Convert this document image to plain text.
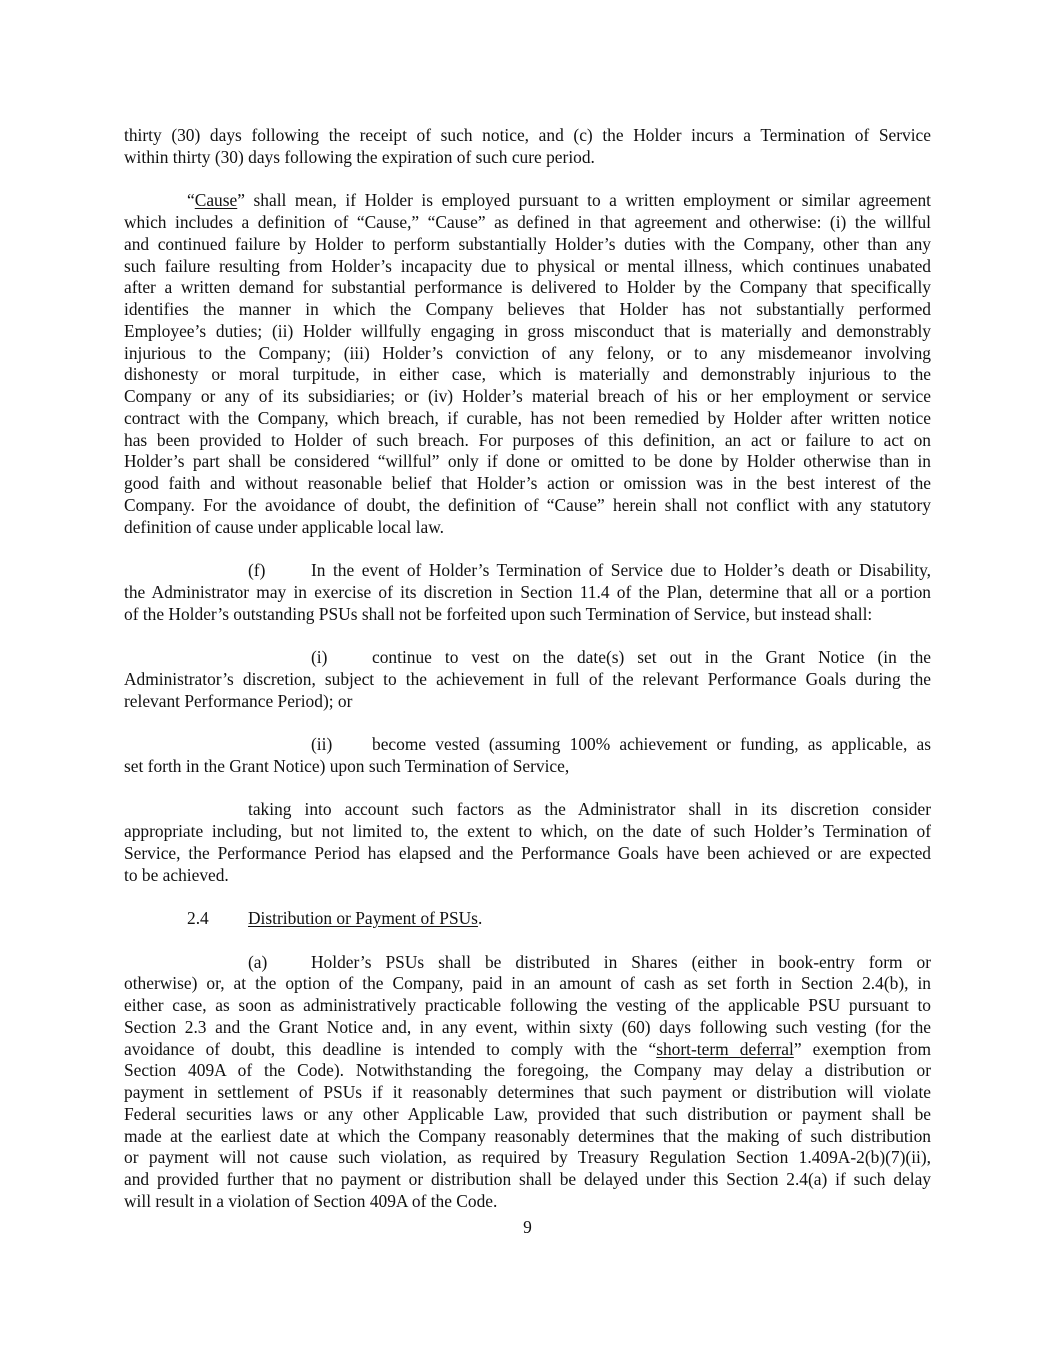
thirty (30) days following the receipt of such notice, and (c) the Holder incurs a Termination of Service
within thirty (30) days following the expiration of such cure period.
“Cause” shall mean, if Holder is employed pursuant to a written employment or similar agreement
which includes a definition of “Cause,” “Cause” as defined in that agreement and otherwise: (i) the willful
and continued failure by Holder to perform substantially Holder’s duties with the Company, other than any
such failure resulting from Holder’s incapacity due to physical or mental illness, which continues unabated
after a written demand for substantial performance is delivered to Holder by the Company that specifically
identifies the manner in which the Company believes that Holder has not substantially performed
Employee’s duties; (ii) Holder willfully engaging in gross misconduct that is materially and demonstrably
injurious to the Company; (iii) Holder’s conviction of any felony, or to any misdemeanor involving
dishonesty or moral turpitude, in either case, which is materially and demonstrably injurious to the
Company or any of its subsidiaries; or (iv) Holder’s material breach of his or her employment or service
contract with the Company, which breach, if curable, has not been remedied by Holder after written notice
has been provided to Holder of such breach. For purposes of this definition, an act or failure to act on
Holder’s part shall be considered “willful” only if done or omitted to be done by Holder otherwise than in
good faith and without reasonable belief that Holder’s action or omission was in the best interest of the
Company. For the avoidance of doubt, the definition of “Cause” herein shall not conflict with any statutory
definition of cause under applicable local law.
(f)	In the event of Holder’s Termination of Service due to Holder’s death or Disability,
the Administrator may in exercise of its discretion in Section 11.4 of the Plan, determine that all or a portion
of the Holder’s outstanding PSUs shall not be forfeited upon such Termination of Service, but instead shall:
(i)	continue to vest on the date(s) set out in the Grant Notice (in the
Administrator’s discretion, subject to the achievement in full of the relevant Performance Goals during the
relevant Performance Period); or
(ii)	become vested (assuming 100% achievement or funding, as applicable, as
set forth in the Grant Notice) upon such Termination of Service,
taking into account such factors as the Administrator shall in its discretion consider
appropriate including, but not limited to, the extent to which, on the date of such Holder’s Termination of
Service, the Performance Period has elapsed and the Performance Goals have been achieved or are expected
to be achieved.
2.4	Distribution or Payment of PSUs.
(a)	Holder’s PSUs shall be distributed in Shares (either in book-entry form or
otherwise) or, at the option of the Company, paid in an amount of cash as set forth in Section 2.4(b), in
either case, as soon as administratively practicable following the vesting of the applicable PSU pursuant to
Section 2.3 and the Grant Notice and, in any event, within sixty (60) days following such vesting (for the
avoidance of doubt, this deadline is intended to comply with the “short-term deferral” exemption from
Section 409A of the Code). Notwithstanding the foregoing, the Company may delay a distribution or
payment in settlement of PSUs if it reasonably determines that such payment or distribution will violate
Federal securities laws or any other Applicable Law, provided that such distribution or payment shall be
made at the earliest date at which the Company reasonably determines that the making of such distribution
or payment will not cause such violation, as required by Treasury Regulation Section 1.409A-2(b)(7)(ii),
and provided further that no payment or distribution shall be delayed under this Section 2.4(a) if such delay
will result in a violation of Section 409A of the Code.
9
